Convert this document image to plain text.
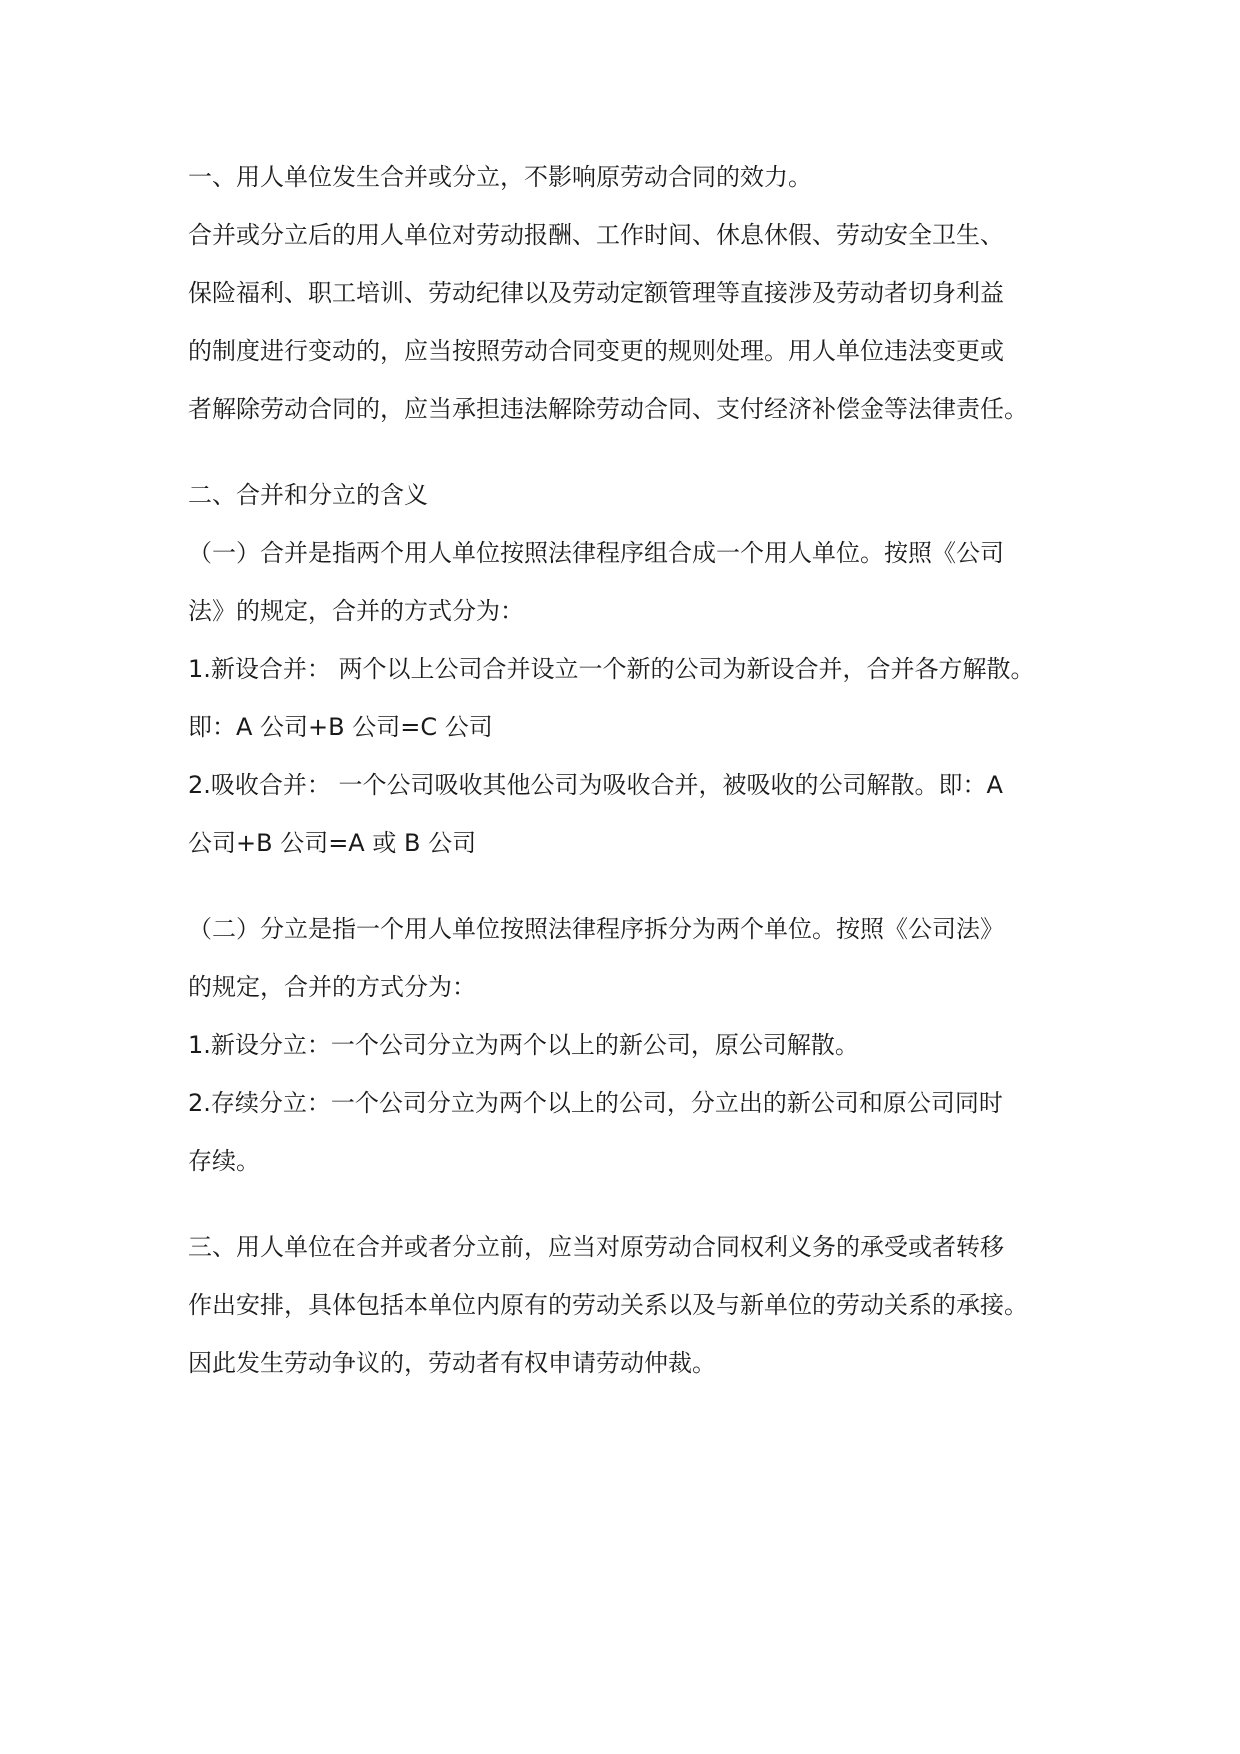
一、用人单位发生合并或分立，不影响原劳动合同的效力。
合并或分立后的用人单位对劳动报酬、工作时间、休息休假、劳动安全卫生、
保险福利、职工培训、劳动纪律以及劳动定额管理等直接涉及劳动者切身利益
的制度进行变动的，应当按照劳动合同变更的规则处理。用人单位违法变更或
者解除劳动合同的，应当承担违法解除劳动合同、支付经济补偿金等法律责任。
二、合并和分立的含义
（一）合并是指两个用人单位按照法律程序组合成一个用人单位。按照《公司
法》的规定，合并的方式分为：
1.新设合并： 两个以上公司合并设立一个新的公司为新设合并，合并各方解散。
即：A 公司+B 公司=C 公司
2.吸收合并： 一个公司吸收其他公司为吸收合并，被吸收的公司解散。即：A
公司+B 公司=A 或 B 公司
（二）分立是指一个用人单位按照法律程序拆分为两个单位。按照《公司法》
的规定，合并的方式分为：
1.新设分立：一个公司分立为两个以上的新公司，原公司解散。
2.存续分立：一个公司分立为两个以上的公司，分立出的新公司和原公司同时
存续。
三、用人单位在合并或者分立前，应当对原劳动合同权利义务的承受或者转移
作出安排，具体包括本单位内原有的劳动关系以及与新单位的劳动关系的承接。
因此发生劳动争议的，劳动者有权申请劳动仲裁。
